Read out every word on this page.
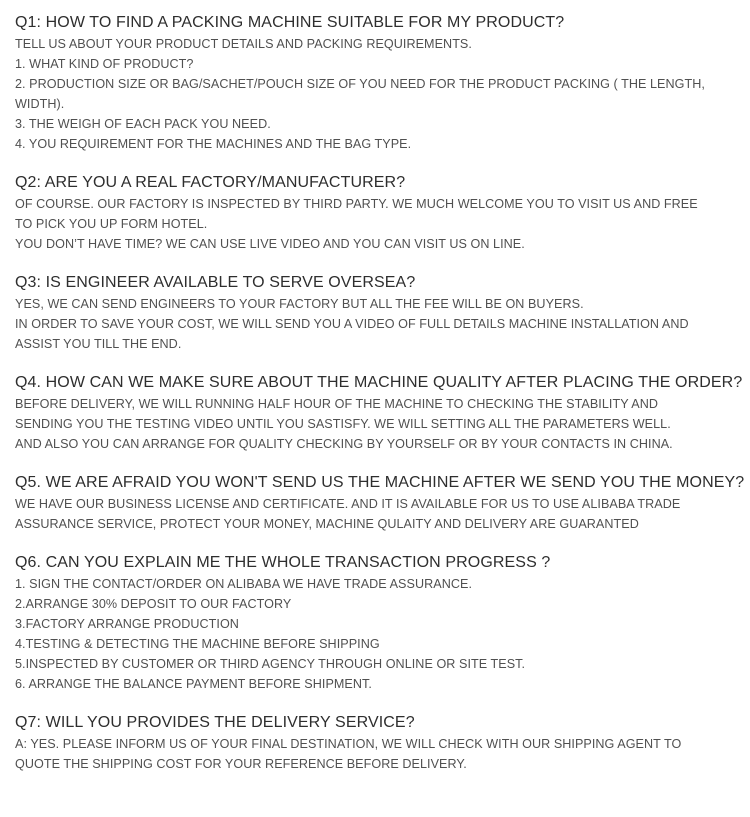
Q1: HOW TO FIND A PACKING MACHINE SUITABLE FOR MY PRODUCT?
TELL US ABOUT YOUR PRODUCT DETAILS AND PACKING REQUIREMENTS.
1. WHAT KIND OF PRODUCT?
2. PRODUCTION SIZE OR BAG/SACHET/POUCH SIZE OF YOU NEED FOR THE PRODUCT PACKING ( THE LENGTH,
WIDTH).
3. THE WEIGH OF EACH PACK YOU NEED.
4. YOU REQUIREMENT FOR THE MACHINES AND THE BAG TYPE.
Q2: ARE YOU A REAL FACTORY/MANUFACTURER?
OF COURSE. OUR FACTORY IS INSPECTED BY THIRD PARTY. WE MUCH WELCOME YOU TO VISIT US AND FREE
TO PICK YOU UP FORM HOTEL.
YOU DON’T HAVE TIME? WE CAN USE LIVE VIDEO AND YOU CAN VISIT US ON LINE.
Q3: IS ENGINEER AVAILABLE TO SERVE OVERSEA?
YES, WE CAN SEND ENGINEERS TO YOUR FACTORY BUT ALL THE FEE WILL BE ON BUYERS.
IN ORDER TO SAVE YOUR COST, WE WILL SEND YOU A VIDEO OF FULL DETAILS MACHINE INSTALLATION AND
ASSIST YOU TILL THE END.
Q4. HOW CAN WE MAKE SURE ABOUT THE MACHINE QUALITY AFTER PLACING THE ORDER?
BEFORE DELIVERY, WE WILL RUNNING HALF HOUR OF THE MACHINE TO CHECKING THE STABILITY AND
SENDING YOU THE TESTING VIDEO UNTIL YOU SASTISFY. WE WILL SETTING ALL THE PARAMETERS WELL.
AND ALSO YOU CAN ARRANGE FOR QUALITY CHECKING BY YOURSELF OR BY YOUR CONTACTS IN CHINA.
Q5. WE ARE AFRAID YOU WON'T SEND US THE MACHINE AFTER WE SEND YOU THE MONEY?
WE HAVE OUR BUSINESS LICENSE AND CERTIFICATE. AND IT IS AVAILABLE FOR US TO USE ALIBABA TRADE
ASSURANCE SERVICE, PROTECT YOUR MONEY, MACHINE QULAITY AND DELIVERY ARE GUARANTED
Q6. CAN YOU EXPLAIN ME THE WHOLE TRANSACTION PROGRESS ?
1. SIGN THE CONTACT/ORDER ON ALIBABA WE HAVE TRADE ASSURANCE.
2.ARRANGE 30% DEPOSIT TO OUR FACTORY
3.FACTORY ARRANGE PRODUCTION
4.TESTING & DETECTING THE MACHINE BEFORE SHIPPING
5.INSPECTED BY CUSTOMER OR THIRD AGENCY THROUGH ONLINE OR SITE TEST.
6. ARRANGE THE BALANCE PAYMENT BEFORE SHIPMENT.
Q7: WILL YOU PROVIDES THE DELIVERY SERVICE?
A: YES. PLEASE INFORM US OF YOUR FINAL DESTINATION, WE WILL CHECK WITH OUR SHIPPING AGENT TO
QUOTE THE SHIPPING COST FOR YOUR REFERENCE BEFORE DELIVERY.
